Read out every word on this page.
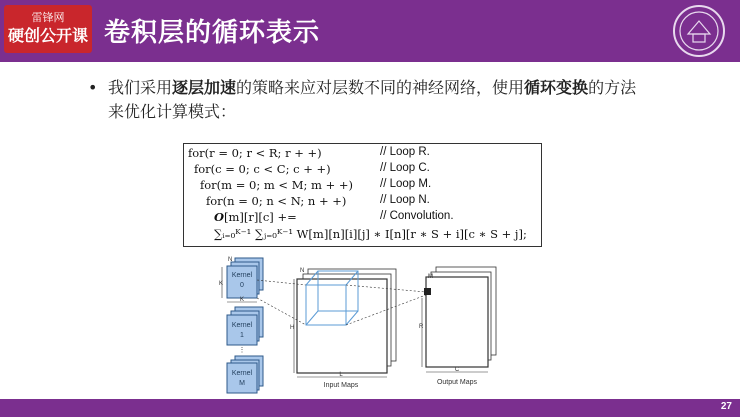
雷锋网
硬创公开课 卷积层的循环表示
• 我们采用逐层加速的策略来应对层数不同的神经网络，使用循环变换的方法来优化计算模式：
for(r = 0; r < R; r + +)	// Loop R.
for(c = 0; c < C; c + +)	// Loop C.
for(m = 0; m < M; m + +) // Loop M.
for(n = 0; n < N; n + +)	// Loop N.
O[m][r][c] +=	// Convolution.
∑ᵢ₌₀ᴷ⁻¹ ∑ⱼ₌₀ᴷ⁻¹ W[m][n][i][j] ∗ I[n][r ∗ S + i][c ∗ S + j];
Kernel
0
N
K
K
Kernel
1
⋮
Kernel
M
N
H
L
Input Maps
M
R
C
Output Maps
27
